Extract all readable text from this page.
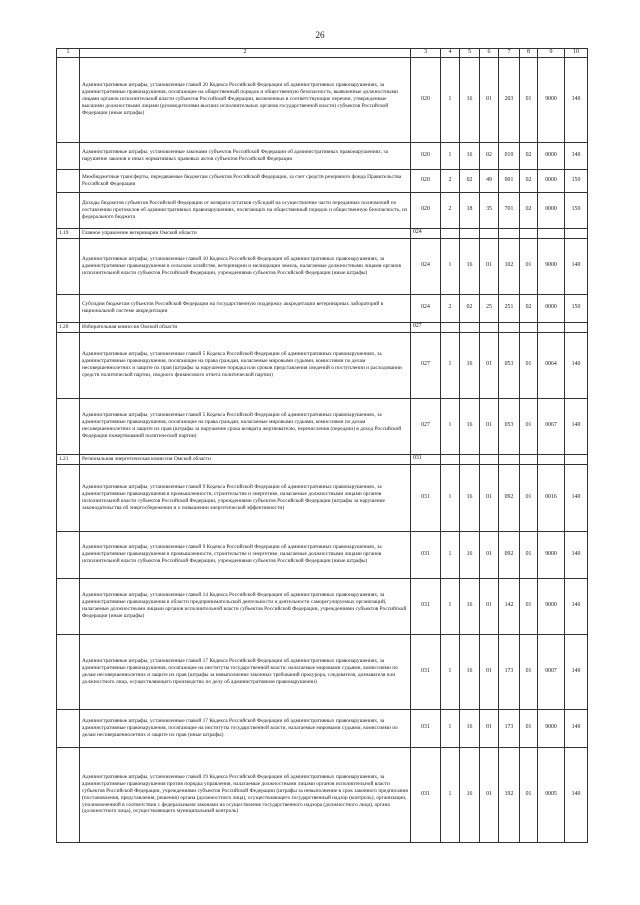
26
1	2	3	4	5	6	7	8	9	10
	Административные штрафы, установленные главой 20 Кодекса Российской Федерации об административных правонарушениях, за административные правонарушения, посягающие на общественный порядок и общественную безопасность, выявленные должностными лицами органов исполнительной власти субъектов Российской Федерации, включенных в соответствующие перечни, утвержденные высшими должностными лицами (руководителями высших исполнительных органов государственной власти) субъектов Российской Федерации (иные штрафы)	020	1	16	01	203	01	9000	140
	Административные штрафы, установленные законами субъектов Российской Федерации об административных правонарушениях, за нарушение законов и иных нормативных правовых актов субъектов Российской Федерации	020	1	16	02	010	02	0000	140
	Межбюджетные трансферты, передаваемые бюджетам субъектов Российской Федерации, за счет средств резервного фонда Правительства Российской Федерации	020	2	02	49	001	02	0000	150
	Доходы бюджетов субъектов Российской Федерации от возврата остатков субсидий на осуществление части переданных полномочий по составлению протоколов об административных правонарушениях, посягающих на общественный порядок и общественную безопасность, из федерального бюджета	020	2	18	35	701	02	0000	150
1.19	Главное управление ветеринарии Омской области	024							
	Административные штрафы, установленные главой 10 Кодекса Российской Федерации об административных правонарушениях, за административные правонарушения в сельском хозяйстве, ветеринарии и мелиорации земель, налагаемые должностными лицами органов исполнительной власти субъектов Российской Федерации, учреждениями субъектов Российской Федерации (иные штрафы)	024	1	16	01	102	01	9000	140
	Субсидии бюджетам субъектов Российской Федерации на государственную поддержку аккредитации ветеринарных лабораторий в национальной системе аккредитации	024	2	02	25	251	02	0000	150
1.20	Избирательная комиссия Омской области	027							
	Административные штрафы, установленные главой 5 Кодекса Российской Федерации об административных правонарушениях, за административные правонарушения, посягающие на права граждан, налагаемые мировыми судьями, комиссиями по делам несовершеннолетних и защите их прав (штрафы за нарушение порядка или сроков представления сведений о поступлении и расходовании средств политической партии, сводного финансового отчета политической партии)	027	1	16	01	053	01	0064	140
	Административные штрафы, установленные главой 5 Кодекса Российской Федерации об административных правонарушениях, за административные правонарушения, посягающие на права граждан, налагаемые мировыми судьями, комиссиями по делам несовершеннолетних и защите их прав (штрафы за нарушение срока возврата жертвователю, перечисления (передачи) в доход Российской Федерации пожертвований политической партии)	027	1	16	01	053	01	0067	140
1.21	Региональная энергетическая комиссия Омской области	031							
	Административные штрафы, установленные главой 9 Кодекса Российской Федерации об административных правонарушениях, за административные правонарушения в промышленности, строительстве и энергетике, налагаемые должностными лицами органов исполнительной власти субъектов Российской Федерации, учреждениями субъектов Российской Федерации (штрафы за нарушение законодательства об энергосбережении и о повышении энергетической эффективности)	031	1	16	01	092	01	0016	140
	Административные штрафы, установленные главой 9 Кодекса Российской Федерации об административных правонарушениях, за административные правонарушения в промышленности, строительстве и энергетике, налагаемые должностными лицами органов исполнительной власти субъектов Российской Федерации, учреждениями субъектов Российской Федерации (иные штрафы)	031	1	16	01	092	01	9000	140
	Административные штрафы, установленные главой 14 Кодекса Российской Федерации об административных правонарушениях, за административные правонарушения в области предпринимательской деятельности и деятельности саморегулируемых организаций, налагаемые должностными лицами органов исполнительной власти субъектов Российской Федерации, учреждениями субъектов Российской Федерации (иные штрафы)	031	1	16	01	142	01	9000	140
	Административные штрафы, установленные главой 17 Кодекса Российской Федерации об административных правонарушениях, за административные правонарушения, посягающие на институты государственной власти, налагаемые мировыми судьями, комиссиями по делам несовершеннолетних и защите их прав (штрафы за невыполнение законных требований прокурора, следователя, дознавателя или должностного лица, осуществляющего производство по делу об административном правонарушении)	031	1	16	01	173	01	0007	140
	Административные штрафы, установленные главой 17 Кодекса Российской Федерации об административных правонарушениях, за административные правонарушения, посягающие на институты государственной власти, налагаемые мировыми судьями, комиссиями по делам несовершеннолетних и защите их прав (иные штрафы)	031	1	16	01	173	01	9000	140
	Административные штрафы, установленные главой 19 Кодекса Российской Федерации об административных правонарушениях, за административные правонарушения против порядка управления, налагаемые должностными лицами органов исполнительной власти субъектов Российской Федерации, учреждениями субъектов Российской Федерации (штрафы за невыполнение в срок законного предписания (постановления, представления, решения) органа (должностного лица), осуществляющего государственный надзор (контроль), организации, уполномоченной в соответствии с федеральными законами на осуществление государственного надзора (должностного лица), органа (должностного лица), осуществляющего муниципальный контроль)	031	1	16	01	192	01	0005	140
